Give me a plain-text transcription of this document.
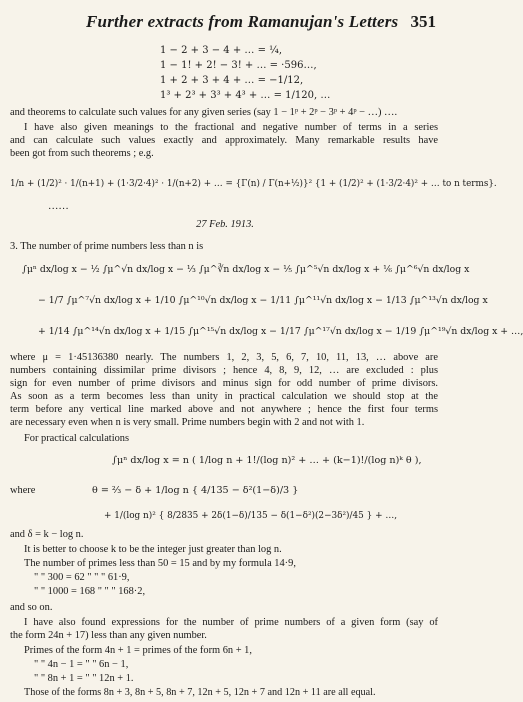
Further extracts from Ramanujan's Letters 351
1 − 2 + 3 − 4 + … = ¼,
1 − 1! + 2! − 3! + … = ·596…,
1 + 2 + 3 + 4 + … = −1/12,
1³ + 2³ + 3³ + 4³ + … = 1/120, …
and theorems to calculate such values for any given series (say 1 − 1ᵖ + 2ᵖ − 3ᵖ + 4ᵖ − …) ….
I have also given meanings to the fractional and negative number of terms in a series
and can calculate such values exactly and approximately. Many remarkable results have
been got from such theorems ; e.g.
1/n + (1/2)² · 1/(n+1) + (1·3/2·4)² · 1/(n+2) + … = {Γ(n) / Γ(n+½)}² {1 + (1/2)² + (1·3/2·4)² + … to n terms}.
……
27 Feb. 1913.
3. The number of prime numbers less than n is
∫μⁿ dx/log x − ½ ∫μ^√n dx/log x − ⅓ ∫μ^∛n dx/log x − ⅕ ∫μ^⁵√n dx/log x + ⅙ ∫μ^⁶√n dx/log x
− 1/7 ∫μ^⁷√n dx/log x + 1/10 ∫μ^¹⁰√n dx/log x − 1/11 ∫μ^¹¹√n dx/log x − 1/13 ∫μ^¹³√n dx/log x
+ 1/14 ∫μ^¹⁴√n dx/log x + 1/15 ∫μ^¹⁵√n dx/log x − 1/17 ∫μ^¹⁷√n dx/log x − 1/19 ∫μ^¹⁹√n dx/log x + …,
where μ = 1·45136380 nearly. The numbers 1, 2, 3, 5, 6, 7, 10, 11, 13, … above are
numbers containing dissimilar prime divisors ; hence 4, 8, 9, 12, … are excluded : plus
sign for even number of prime divisors and minus sign for odd number of prime divisors.
As soon as a term becomes less than unity in practical calculation we should stop at the
term before any vertical line marked above and not anywhere ; hence the first four terms
are necessary even when n is very small. Prime numbers begin with 2 and not with 1.
For practical calculations
∫μⁿ dx/log x = n ( 1/log n + 1!/(log n)² + … + (k−1)!/(log n)ᵏ θ ),
where	θ = ⅔ − δ + 1/log n { 4/135 − δ²(1−δ)/3 }
+ 1/(log n)² { 8/2835 + 2δ(1−δ)/135 − δ(1−δ²)(2−3δ²)/45 } + …,
and δ = k − log n.
It is better to choose k to be the integer just greater than log n.
The number of primes less than 50 = 15 and by my formula 14·9,
" " 300 = 62 " " " 61·9,
" " 1000 = 168 " " " 168·2,
and so on.
I have also found expressions for the number of prime numbers of a given form (say of
the form 24n + 17) less than any given number.
Primes of the form 4n + 1 = primes of the form 6n + 1,
" " 4n − 1 = " " 6n − 1,
" " 8n + 1 = " " 12n + 1.
Those of the forms 8n + 3, 8n + 5, 8n + 7, 12n + 5, 12n + 7 and 12n + 11 are all equal.
